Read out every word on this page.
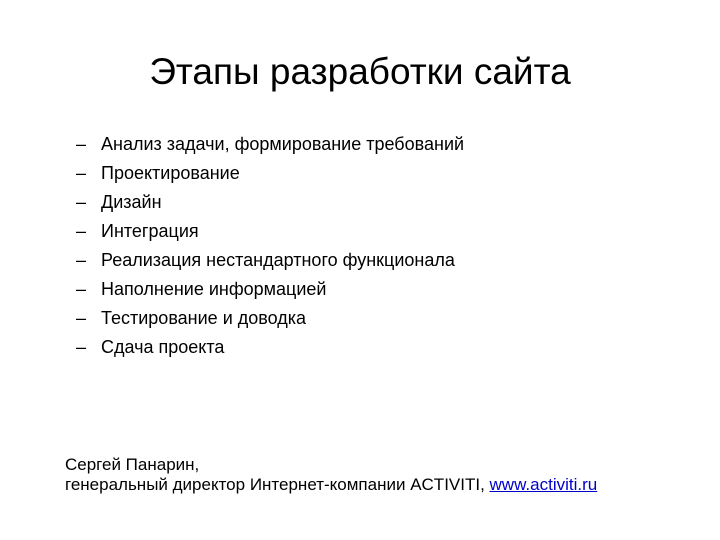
Этапы разработки сайта
– Анализ задачи, формирование требований
– Проектирование
– Дизайн
– Интеграция
– Реализация нестандартного функционала
– Наполнение информацией
– Тестирование и доводка
– Сдача проекта
Сергей Панарин,
генеральный директор Интернет-компании ACTIVITI, www.activiti.ru
